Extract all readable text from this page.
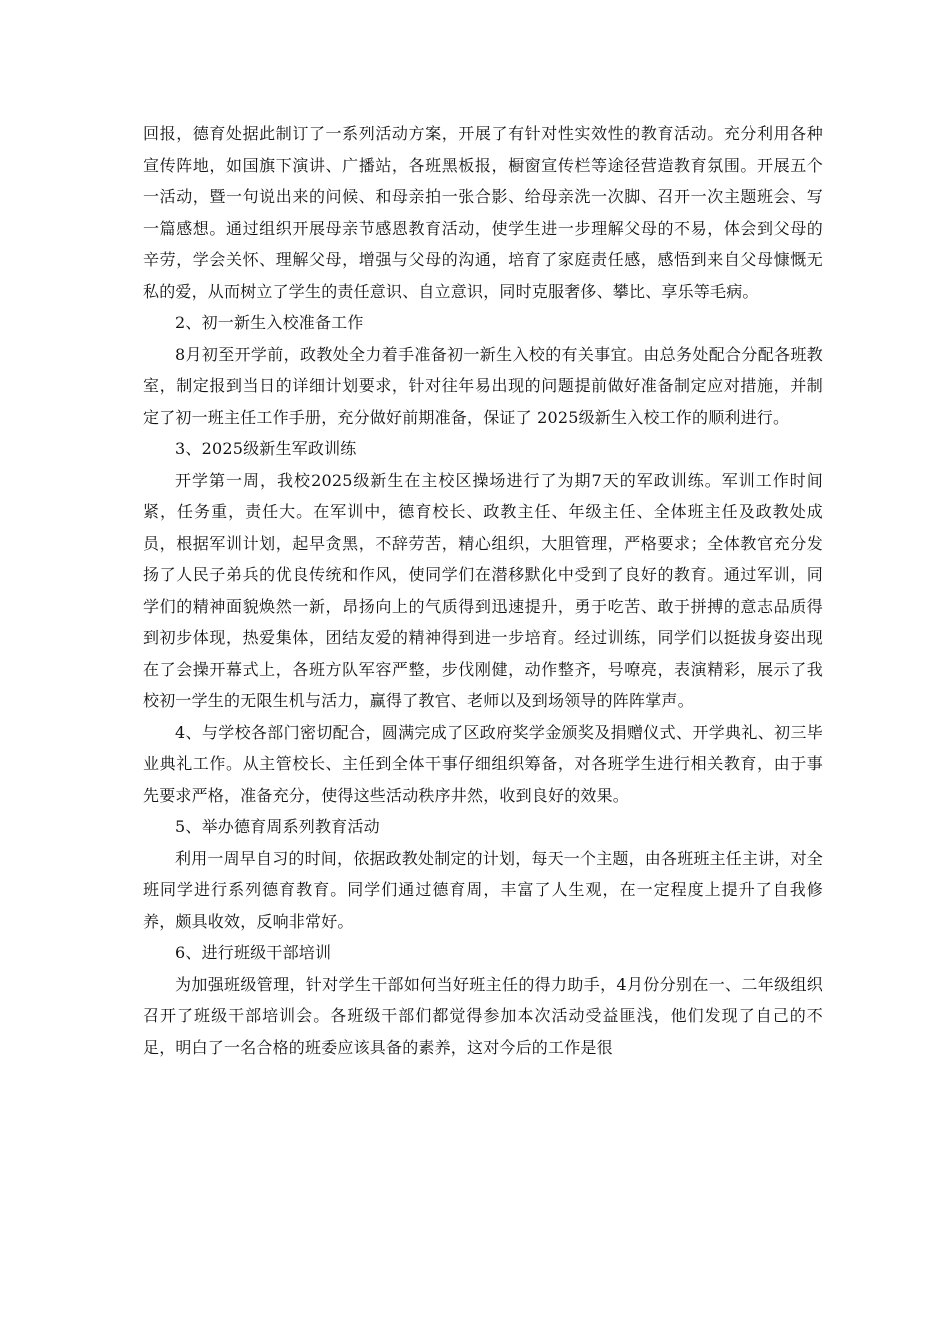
回报，德育处据此制订了一系列活动方案，开展了有针对性实效性的教育活动。充分利用各种宣传阵地，如国旗下演讲、广播站，各班黑板报，橱窗宣传栏等途径营造教育氛围。开展五个一活动，暨一句说出来的问候、和母亲拍一张合影、给母亲洗一次脚、召开一次主题班会、写一篇感想。通过组织开展母亲节感恩教育活动，使学生进一步理解父母的不易，体会到父母的辛劳，学会关怀、理解父母，增强与父母的沟通，培育了家庭责任感，感悟到来自父母慷慨无私的爱，从而树立了学生的责任意识、自立意识，同时克服奢侈、攀比、享乐等毛病。

2、初一新生入校准备工作

8月初至开学前，政教处全力着手准备初一新生入校的有关事宜。由总务处配合分配各班教室，制定报到当日的详细计划要求，针对往年易出现的问题提前做好准备制定应对措施，并制定了初一班主任工作手册，充分做好前期准备，保证了 2025级新生入校工作的顺利进行。

3、2025级新生军政训练

开学第一周，我校2025级新生在主校区操场进行了为期7天的军政训练。军训工作时间紧，任务重，责任大。在军训中，德育校长、政教主任、年级主任、全体班主任及政教处成员，根据军训计划，起早贪黑，不辞劳苦，精心组织，大胆管理，严格要求；全体教官充分发扬了人民子弟兵的优良传统和作风，使同学们在潜移默化中受到了良好的教育。通过军训，同学们的精神面貌焕然一新，昂扬向上的气质得到迅速提升，勇于吃苦、敢于拼搏的意志品质得到初步体现，热爱集体，团结友爱的精神得到进一步培育。经过训练，同学们以挺拔身姿出现在了会操开幕式上，各班方队军容严整，步伐刚健，动作整齐，号嘹亮，表演精彩，展示了我校初一学生的无限生机与活力，赢得了教官、老师以及到场领导的阵阵掌声。

4、与学校各部门密切配合，圆满完成了区政府奖学金颁奖及捐赠仪式、开学典礼、初三毕业典礼工作。从主管校长、主任到全体干事仔细组织筹备，对各班学生进行相关教育，由于事先要求严格，准备充分，使得这些活动秩序井然，收到良好的效果。

5、举办德育周系列教育活动

利用一周早自习的时间，依据政教处制定的计划，每天一个主题，由各班班主任主讲，对全班同学进行系列德育教育。同学们通过德育周，丰富了人生观，在一定程度上提升了自我修养，颇具收效，反响非常好。

6、进行班级干部培训

为加强班级管理，针对学生干部如何当好班主任的得力助手，4月份分别在一、二年级组织召开了班级干部培训会。各班级干部们都觉得参加本次活动受益匪浅，他们发现了自己的不足，明白了一名合格的班委应该具备的素养，这对今后的工作是很
